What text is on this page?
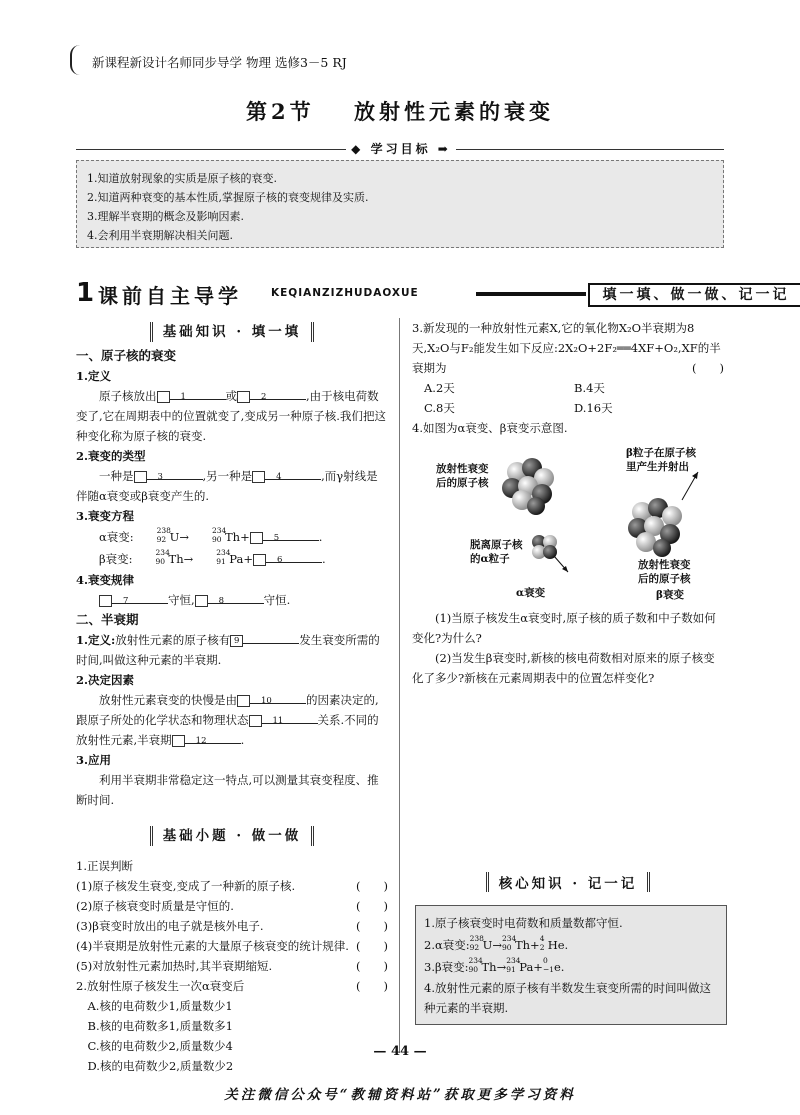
新课程新设计名师同步导学 物理 选修3－5 RJ
第2节 放射性元素的衰变
◆ 学习目标 ➡
1.知道放射现象的实质是原子核的衰变.
2.知道两种衰变的基本性质,掌握原子核的衰变规律及实质.
3.理解半衰期的概念及影响因素.
4.会利用半衰期解决相关问题.
1 课前自主导学	KEQIANZIZHUDAOXUE	填一填、做一做、记一记
基础知识 · 填一填

一、原子核的衰变

1.定义

原子核放出	1	或	2	,由于核电荷数变了,它在周期表中的位置就变了,变成另一种原子核.我们把这种变化称为原子核的衰变.

2.衰变的类型

一种是	3	,另一种是	4	,而γ射线是伴随α衰变或β衰变产生的.

3.衰变方程

α衰变:	238
92 U→	234
90 Th+	5	.

β衰变:	234
90 Th→	234
91 Pa+	6	.

4.衰变规律

7	守恒,	8	守恒.

二、半衰期

1.定义:放射性元素的原子核有 9	发生衰变所需的时间,叫做这种元素的半衰期.

2.决定因素

放射性元素衰变的快慢是由	10	的因素决定的,跟原子所处的化学状态和物理状态	11	关系.不同的放射性元素,半衰期	12	.

3.应用

利用半衰期非常稳定这一特点,可以测量其衰变程度、推断时间.

基础小题 · 做一做

1.正误判断

(1)原子核发生衰变,变成了一种新的原子核.	(　　)

(2)原子核衰变时质量是守恒的.	(　　)

(3)β衰变时放出的电子就是核外电子.	(　　)

(4)半衰期是放射性元素的大量原子核衰变的统计规律. (　　)

(5)对放射性元素加热时,其半衰期缩短.	(　　)

2.放射性原子核发生一次α衰变后	(　　)

A.核的电荷数少1,质量数少1

B.核的电荷数多1,质量数多1

C.核的电荷数少2,质量数少4

D.核的电荷数少2,质量数少2

3.新发现的一种放射性元素X,它的氧化物X₂O半衰期为8天,X₂O与F₂能发生如下反应:2X₂O+2F₂══4XF+O₂,XF的半衰期为	(　　)

A.2天	B.4天

C.8天	D.16天

4.如图为α衰变、β衰变示意图.

放射性衰变
后的原子核
脱离原子核
的α粒子
α衰变
β粒子在原子核
里产生并射出
放射性衰变
后的原子核
β衰变

(1)当原子核发生α衰变时,原子核的质子数和中子数如何变化?为什么?

(2)当发生β衰变时,新核的核电荷数相对原来的原子核变化了多少?新核在元素周期表中的位置怎样变化?

核心知识 · 记一记
1.原子核衰变时电荷数和质量数都守恒.
2.α衰变: 238
92 U→ 234
90 Th+ 4
2 He.
3.β衰变: 234
90 Th→ 234
91 Pa+ 0
−1 e.
4.放射性元素的原子核有半数发生衰变所需的时间叫做这种元素的半衰期.
— 44 —
关注微信公众号“教辅资料站”获取更多学习资料
